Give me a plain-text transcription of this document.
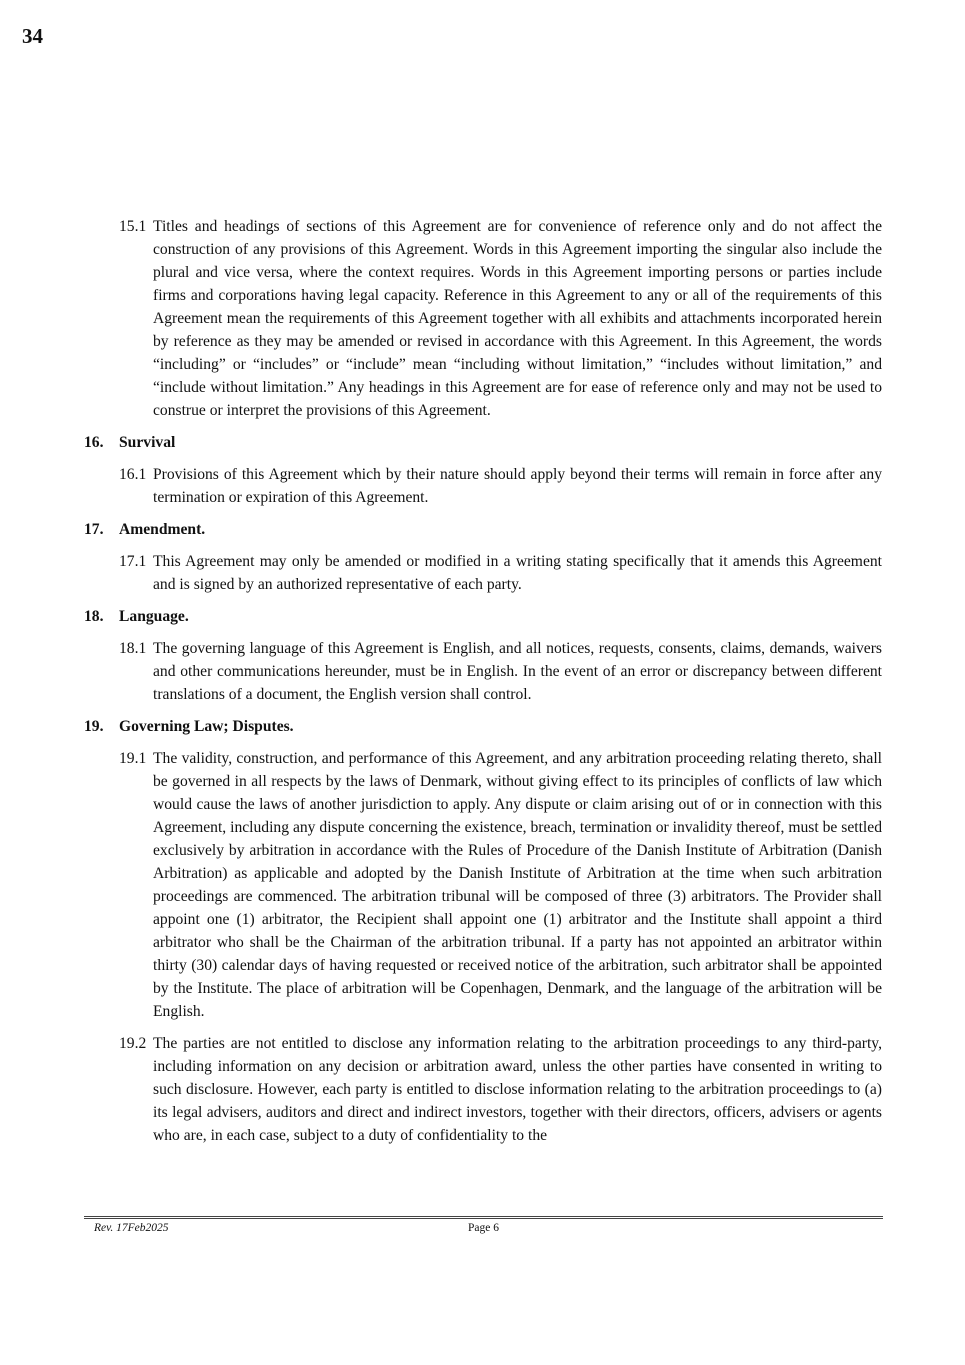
34
15.1 Titles and headings of sections of this Agreement are for convenience of reference only and do not affect the construction of any provisions of this Agreement. Words in this Agreement importing the singular also include the plural and vice versa, where the context requires. Words in this Agreement importing persons or parties include firms and corporations having legal capacity. Reference in this Agreement to any or all of the requirements of this Agreement mean the requirements of this Agreement together with all exhibits and attachments incorporated herein by reference as they may be amended or revised in accordance with this Agreement. In this Agreement, the words “including” or “includes” or “include” mean “including without limitation,” “includes without limitation,” and “include without limitation.” Any headings in this Agreement are for ease of reference only and may not be used to construe or interpret the provisions of this Agreement.
16. Survival
16.1 Provisions of this Agreement which by their nature should apply beyond their terms will remain in force after any termination or expiration of this Agreement.
17. Amendment.
17.1 This Agreement may only be amended or modified in a writing stating specifically that it amends this Agreement and is signed by an authorized representative of each party.
18. Language.
18.1 The governing language of this Agreement is English, and all notices, requests, consents, claims, demands, waivers and other communications hereunder, must be in English. In the event of an error or discrepancy between different translations of a document, the English version shall control.
19. Governing Law; Disputes.
19.1 The validity, construction, and performance of this Agreement, and any arbitration proceeding relating thereto, shall be governed in all respects by the laws of Denmark, without giving effect to its principles of conflicts of law which would cause the laws of another jurisdiction to apply. Any dispute or claim arising out of or in connection with this Agreement, including any dispute concerning the existence, breach, termination or invalidity thereof, must be settled exclusively by arbitration in accordance with the Rules of Procedure of the Danish Institute of Arbitration (Danish Arbitration) as applicable and adopted by the Danish Institute of Arbitration at the time when such arbitration proceedings are commenced. The arbitration tribunal will be composed of three (3) arbitrators. The Provider shall appoint one (1) arbitrator, the Recipient shall appoint one (1) arbitrator and the Institute shall appoint a third arbitrator who shall be the Chairman of the arbitration tribunal. If a party has not appointed an arbitrator within thirty (30) calendar days of having requested or received notice of the arbitration, such arbitrator shall be appointed by the Institute. The place of arbitration will be Copenhagen, Denmark, and the language of the arbitration will be English.
19.2 The parties are not entitled to disclose any information relating to the arbitration proceedings to any third-party, including information on any decision or arbitration award, unless the other parties have consented in writing to such disclosure. However, each party is entitled to disclose information relating to the arbitration proceedings to (a) its legal advisers, auditors and direct and indirect investors, together with their directors, officers, advisers or agents who are, in each case, subject to a duty of confidentiality to the
Rev. 17Feb2025	Page 6
